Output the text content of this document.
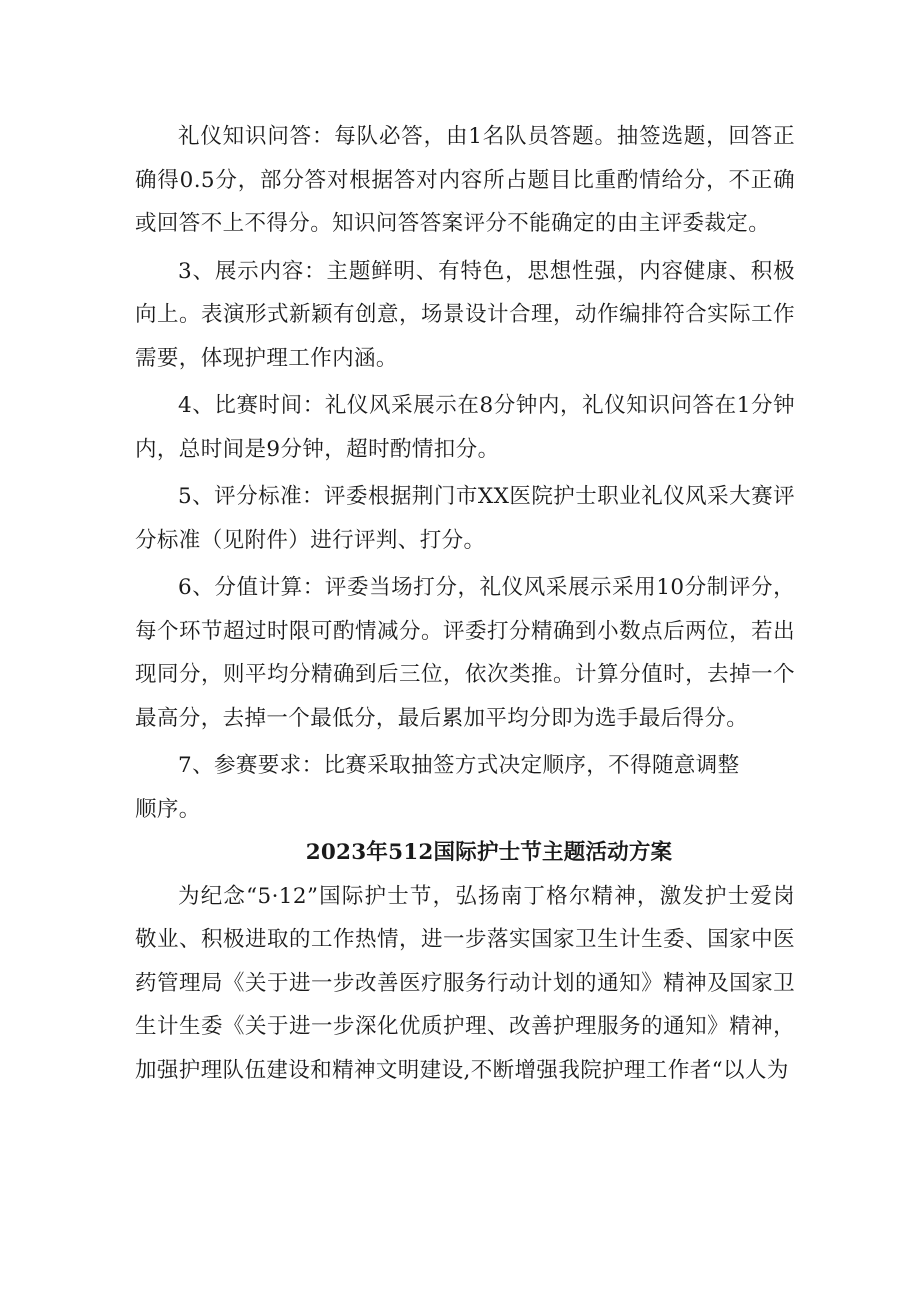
礼仪知识问答：每队必答，由1名队员答题。抽签选题，回答正确得0.5分，部分答对根据答对内容所占题目比重酌情给分，不正确或回答不上不得分。知识问答答案评分不能确定的由主评委裁定。

3、展示内容：主题鲜明、有特色，思想性强，内容健康、积极向上。表演形式新颖有创意，场景设计合理，动作编排符合实际工作需要，体现护理工作内涵。

4、比赛时间：礼仪风采展示在8分钟内，礼仪知识问答在1分钟内，总时间是9分钟，超时酌情扣分。

5、评分标准：评委根据荆门市XX医院护士职业礼仪风采大赛评分标准（见附件）进行评判、打分。

6、分值计算：评委当场打分，礼仪风采展示采用10分制评分，每个环节超过时限可酌情减分。评委打分精确到小数点后两位，若出现同分，则平均分精确到后三位，依次类推。计算分值时，去掉一个最高分，去掉一个最低分，最后累加平均分即为选手最后得分。

7、参赛要求：比赛采取抽签方式决定顺序，不得随意调整

顺序。

2023年512国际护士节主题活动方案

为纪念“5·12”国际护士节，弘扬南丁格尔精神，激发护士爱岗敬业、积极进取的工作热情，进一步落实国家卫生计生委、国家中医药管理局《关于进一步改善医疗服务行动计划的通知》精神及国家卫生计生委《关于进一步深化优质护理、改善护理服务的通知》精神，加强护理队伍建设和精神文明建设,不断增强我院护理工作者“以人为
